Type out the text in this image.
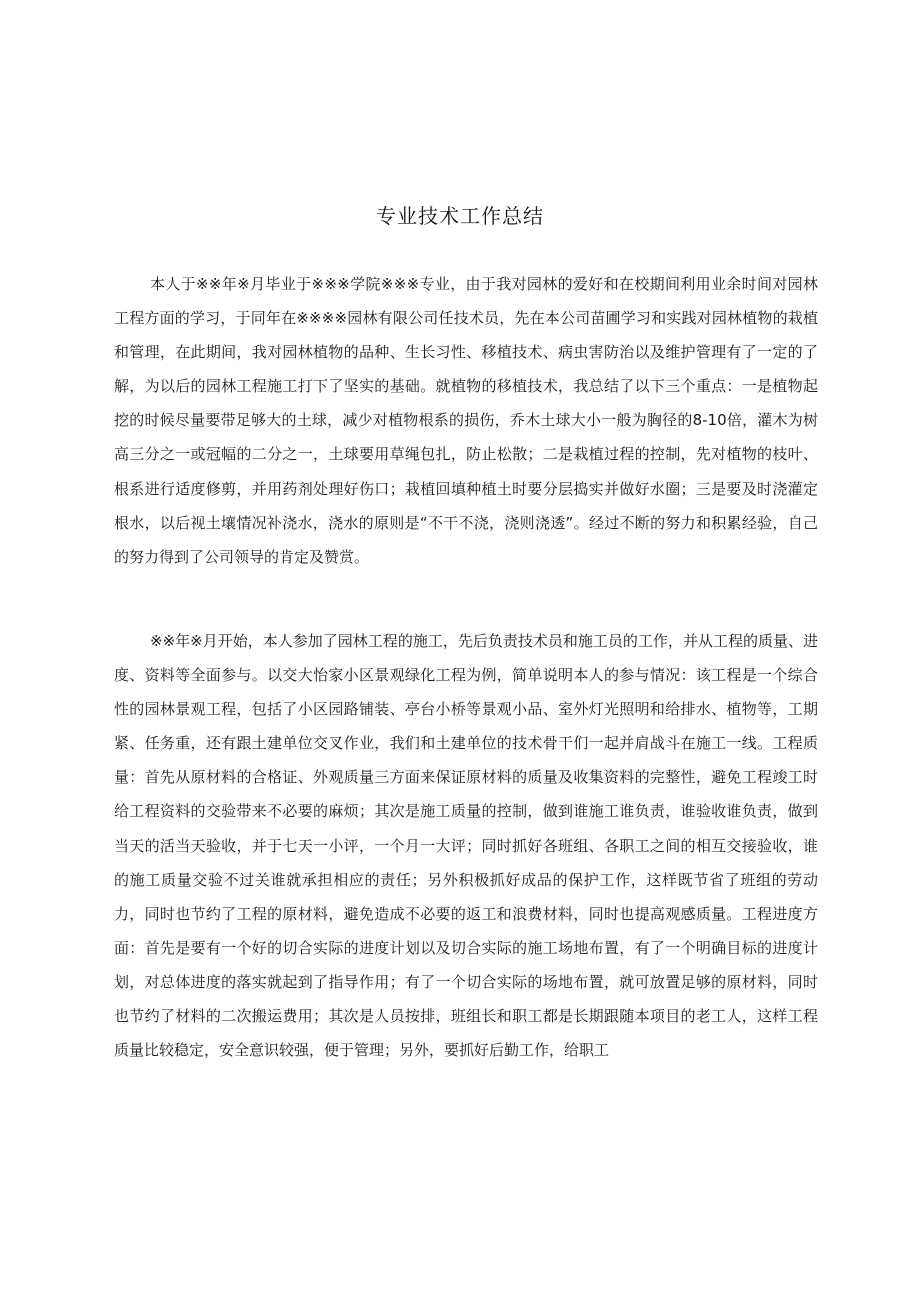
专业技术工作总结

本人于※※年※月毕业于※※※学院※※※专业，由于我对园林的爱好和在校期间利用业余时间对园林工程方面的学习，于同年在※※※※园林有限公司任技术员，先在本公司苗圃学习和实践对园林植物的栽植和管理，在此期间，我对园林植物的品种、生长习性、移植技术、病虫害防治以及维护管理有了一定的了解，为以后的园林工程施工打下了坚实的基础。就植物的移植技术，我总结了以下三个重点：一是植物起挖的时候尽量要带足够大的土球，减少对植物根系的损伤，乔木土球大小一般为胸径的8-10倍，灌木为树高三分之一或冠幅的二分之一，土球要用草绳包扎，防止松散；二是栽植过程的控制，先对植物的枝叶、根系进行适度修剪，并用药剂处理好伤口；栽植回填种植土时要分层捣实并做好水圈；三是要及时浇灌定根水，以后视土壤情况补浇水，浇水的原则是“不干不浇，浇则浇透”。经过不断的努力和积累经验，自己的努力得到了公司领导的肯定及赞赏。

※※年※月开始，本人参加了园林工程的施工，先后负责技术员和施工员的工作，并从工程的质量、进度、资料等全面参与。以交大怡家小区景观绿化工程为例，简单说明本人的参与情况：该工程是一个综合性的园林景观工程，包括了小区园路铺装、亭台小桥等景观小品、室外灯光照明和给排水、植物等，工期紧、任务重，还有跟土建单位交叉作业，我们和土建单位的技术骨干们一起并肩战斗在施工一线。工程质量：首先从原材料的合格证、外观质量三方面来保证原材料的质量及收集资料的完整性，避免工程竣工时给工程资料的交验带来不必要的麻烦；其次是施工质量的控制，做到谁施工谁负责，谁验收谁负责，做到当天的活当天验收，并于七天一小评，一个月一大评；同时抓好各班组、各职工之间的相互交接验收，谁的施工质量交验不过关谁就承担相应的责任；另外积极抓好成品的保护工作，这样既节省了班组的劳动力，同时也节约了工程的原材料，避免造成不必要的返工和浪费材料，同时也提高观感质量。工程进度方面：首先是要有一个好的切合实际的进度计划以及切合实际的施工场地布置，有了一个明确目标的进度计划，对总体进度的落实就起到了指导作用；有了一个切合实际的场地布置，就可放置足够的原材料，同时也节约了材料的二次搬运费用；其次是人员按排，班组长和职工都是长期跟随本项目的老工人，这样工程质量比较稳定，安全意识较强，便于管理；另外，要抓好后勤工作，给职工
